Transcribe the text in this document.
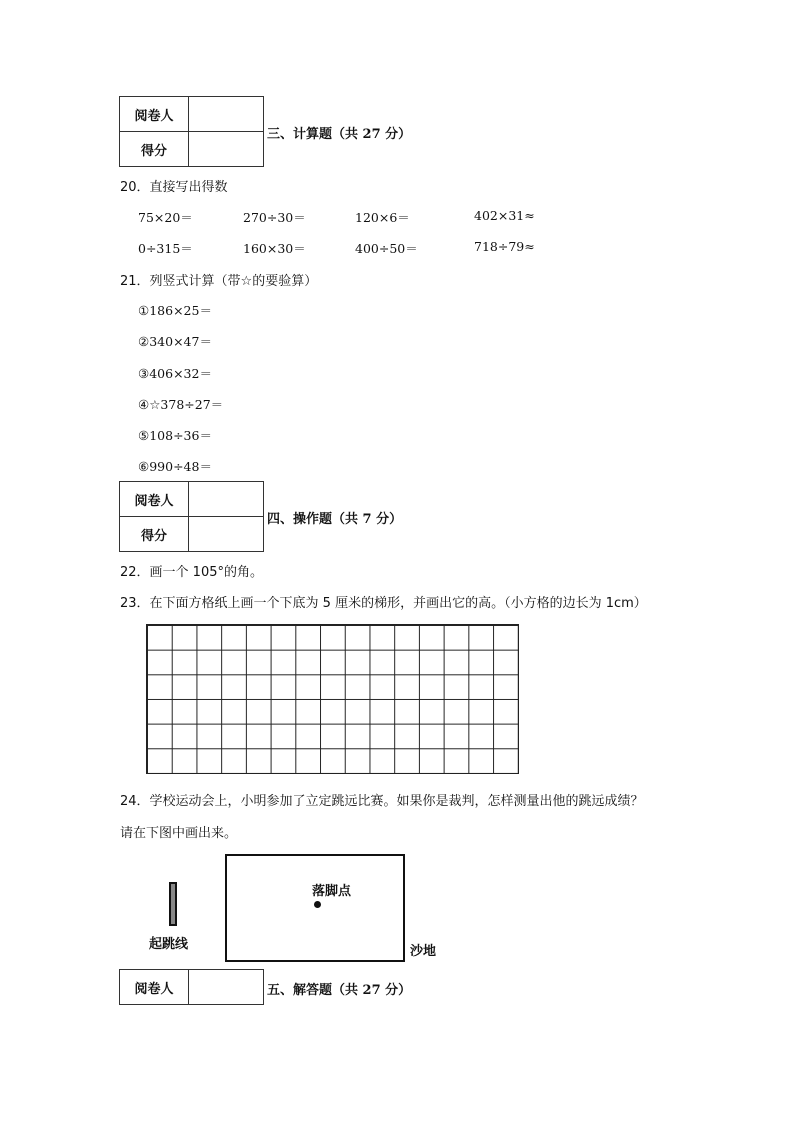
阅卷人	
得分	
三、计算题（共 27 分）
20．直接写出得数
75×20＝	270÷30＝	120×6＝	402×31≈
0÷315＝	160×30＝	400÷50＝	718÷79≈
21．列竖式计算（带☆的要验算）
①186×25＝
②340×47＝
③406×32＝
④☆378÷27＝
⑤108÷36＝
⑥990÷48＝
阅卷人	
得分	
四、操作题（共 7 分）
22．画一个 105°的角。
23．在下面方格纸上画一个下底为 5 厘米的梯形，并画出它的高。（小方格的边长为 1cm）
24．学校运动会上，小明参加了立定跳远比赛。如果你是裁判，怎样测量出他的跳远成绩？
请在下图中画出来。
起跳线
落脚点
沙地
阅卷人		五、解答题（共 27 分）
